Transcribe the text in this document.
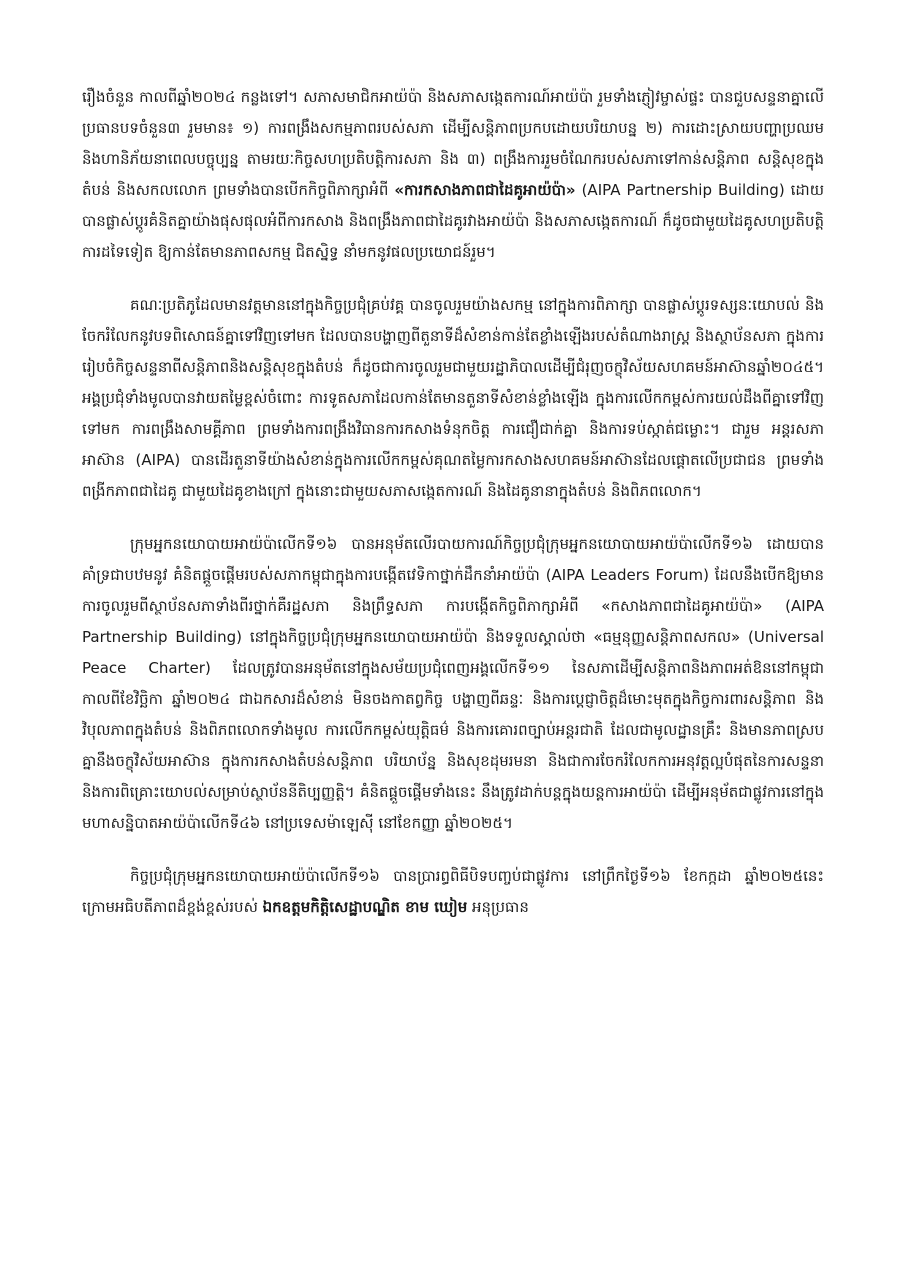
រឿងចំនួន កាលពីឆ្នាំ២០២៤ កន្លងទៅ។ សភាសមាជិកអាយ៉ប៉ា និងសភាសង្កេតការណ៍អាយ៉ប៉ា រួមទាំងភ្ញៀវម្ចាស់ផ្ទះ បានជួបសន្ទនាគ្នាលើប្រធានបទចំនួន៣ រួមមាន៖ ១) ការពង្រឹងសកម្មភាពរបស់សភា ដើម្បីសន្តិភាពប្រកបដោយបរិយាបន្ន ២) ការដោះស្រាយបញ្ហាប្រឈម និងហានិភ័យនាពេលបច្ចុប្បន្ន តាមរយៈកិច្ចសហប្រតិបត្តិការសភា និង ៣) ពង្រឹងការរួមចំណែករបស់សភាទៅកាន់សន្តិភាព សន្តិសុខក្នុងតំបន់ និងសកលលោក ព្រមទាំងបានបើកកិច្ចពិភាក្សាអំពី «ការកសាងភាពជាដៃគូអាយ៉ប៉ា» (AIPA Partnership Building) ដោយបានផ្លាស់ប្ដូរគំនិតគ្នាយ៉ាងផុសផុលអំពីការកសាង និងពង្រឹងភាពជាដៃគូរវាងអាយ៉ប៉ា និងសភាសង្កេតការណ៍ ក៏ដូចជាមួយដៃគូសហប្រតិបត្តិការដទៃទៀត ឱ្យកាន់តែមានភាពសកម្ម ជិតស្និទ្ធ នាំមកនូវផលប្រយោជន៍រួម។

គណៈប្រតិភូដែលមានវត្តមាននៅក្នុងកិច្ចប្រជុំគ្រប់វគ្គ បានចូលរួមយ៉ាងសកម្ម នៅក្នុងការពិភាក្សា បានផ្លាស់ប្ដូរទស្សនៈយោបល់ និងចែករំលែកនូវបទពិសោធន៍គ្នាទៅវិញទៅមក ដែលបានបង្ហាញពីតួនាទីដ៏សំខាន់កាន់តែខ្លាំងឡើងរបស់តំណាងរាស្ត្រ និងស្ថាប័នសភា ក្នុងការរៀបចំកិច្ចសន្ទនាពីសន្តិភាពនិងសន្តិសុខក្នុងតំបន់ ក៏ដូចជាការចូលរួមជាមួយរដ្ឋាភិបាលដើម្បីជំរុញចក្ខុវិស័យសហគមន៍អាស៊ានឆ្នាំ២០៤៥។ អង្គប្រជុំទាំងមូលបានវាយតម្លៃខ្ពស់ចំពោះ ការទូតសភាដែលកាន់តែមានតួនាទីសំខាន់ខ្លាំងឡើង ក្នុងការលើកកម្ពស់ការយល់ដឹងពីគ្នាទៅវិញទៅមក ការពង្រឹងសាមគ្គីភាព ព្រមទាំងការពង្រឹងវិធានការកសាងទំនុកចិត្ត ការជឿជាក់គ្នា និងការទប់ស្កាត់ជម្លោះ។ ជារួម អន្តរសភាអាស៊ាន (AIPA) បានដើរតួនាទីយ៉ាងសំខាន់ក្នុងការលើកកម្ពស់គុណតម្លៃការកសាងសហគមន៍អាស៊ានដែលផ្ដោតលើប្រជាជន ព្រមទាំងពង្រីកភាពជាដៃគូ ជាមួយដៃគូខាងក្រៅ ក្នុងនោះជាមួយសភាសង្កេតការណ៍ និងដៃគូនានាក្នុងតំបន់ និងពិភពលោក។

ក្រុមអ្នកនយោបាយអាយ៉ប៉ាលើកទី១៦ បានអនុម័តលើរបាយការណ៍កិច្ចប្រជុំក្រុមអ្នកនយោបាយអាយ៉ប៉ាលើកទី១៦ ដោយបានគាំទ្រជាបឋមនូវ គំនិតផ្ដួចផ្ដើមរបស់សភាកម្ពុជាក្នុងការបង្កើតវេទិកាថ្នាក់ដឹកនាំអាយ៉ប៉ា (AIPA Leaders Forum) ដែលនឹងបើកឱ្យមានការចូលរួមពីស្ថាប័នសភាទាំងពីរថ្នាក់គឺរដ្ឋសភា និងព្រឹទ្ធសភា ការបង្កើតកិច្ចពិភាក្សាអំពី «កសាងភាពជាដៃគូអាយ៉ប៉ា» (AIPA Partnership Building) នៅក្នុងកិច្ចប្រជុំក្រុមអ្នកនយោបាយអាយ៉ប៉ា និងទទួលស្គាល់ថា «ធម្មនុញ្ញសន្តិភាពសកល» (Universal Peace Charter) ដែលត្រូវបានអនុម័តនៅក្នុងសម័យប្រជុំពេញអង្គលើកទី១១ នៃសភាដើម្បីសន្តិភាពនិងភាពអត់ឱននៅកម្ពុជា កាលពីខែវិច្ឆិកា ឆ្នាំ២០២៤ ជាឯកសារដ៏សំខាន់ មិនចងកាតព្វកិច្ច បង្ហាញពីឆន្ទៈ និងការប្ដេជ្ញាចិត្តដ៏មោះមុតក្នុងកិច្ចការពារសន្តិភាព និងវិបុលភាពក្នុងតំបន់ និងពិភពលោកទាំងមូល ការលើកកម្ពស់យុត្តិធម៌ និងការគោរពច្បាប់អន្តរជាតិ ដែលជាមូលដ្ឋានគ្រឹះ និងមានភាពស្របគ្នានឹងចក្ខុវិស័យអាស៊ាន ក្នុងការកសាងតំបន់សន្តិភាព បរិយាប័ន្ន និងសុខដុមរមនា និងជាការចែករំលែកការអនុវត្តល្អបំផុតនៃការសន្ទនា និងការពិគ្រោះយោបល់សម្រាប់ស្ថាប័ននីតិប្បញ្ញត្តិ។ គំនិតផ្ដួចផ្ដើមទាំងនេះ នឹងត្រូវដាក់បន្តក្នុងយន្តការអាយ៉ប៉ា ដើម្បីអនុម័តជាផ្លូវការនៅក្នុងមហាសន្និបាតអាយ៉ប៉ាលើកទី៤៦ នៅប្រទេសម៉ាឡេស៊ី នៅខែកញ្ញា ឆ្នាំ២០២៥។

កិច្ចប្រជុំក្រុមអ្នកនយោបាយអាយ៉ប៉ាលើកទី១៦ បានប្រារព្ធពិធីបិទបញ្ចប់ជាផ្លូវការ នៅព្រឹកថ្ងៃទី១៦ ខែកក្កដា ឆ្នាំ២០២៥នេះ ក្រោមអធិបតីភាពដ៏ខ្ពង់ខ្ពស់របស់ ឯកឧត្តមកិត្តិសេដ្ឋាបណ្ឌិត ខាម ឃៀម អនុប្រធាន
